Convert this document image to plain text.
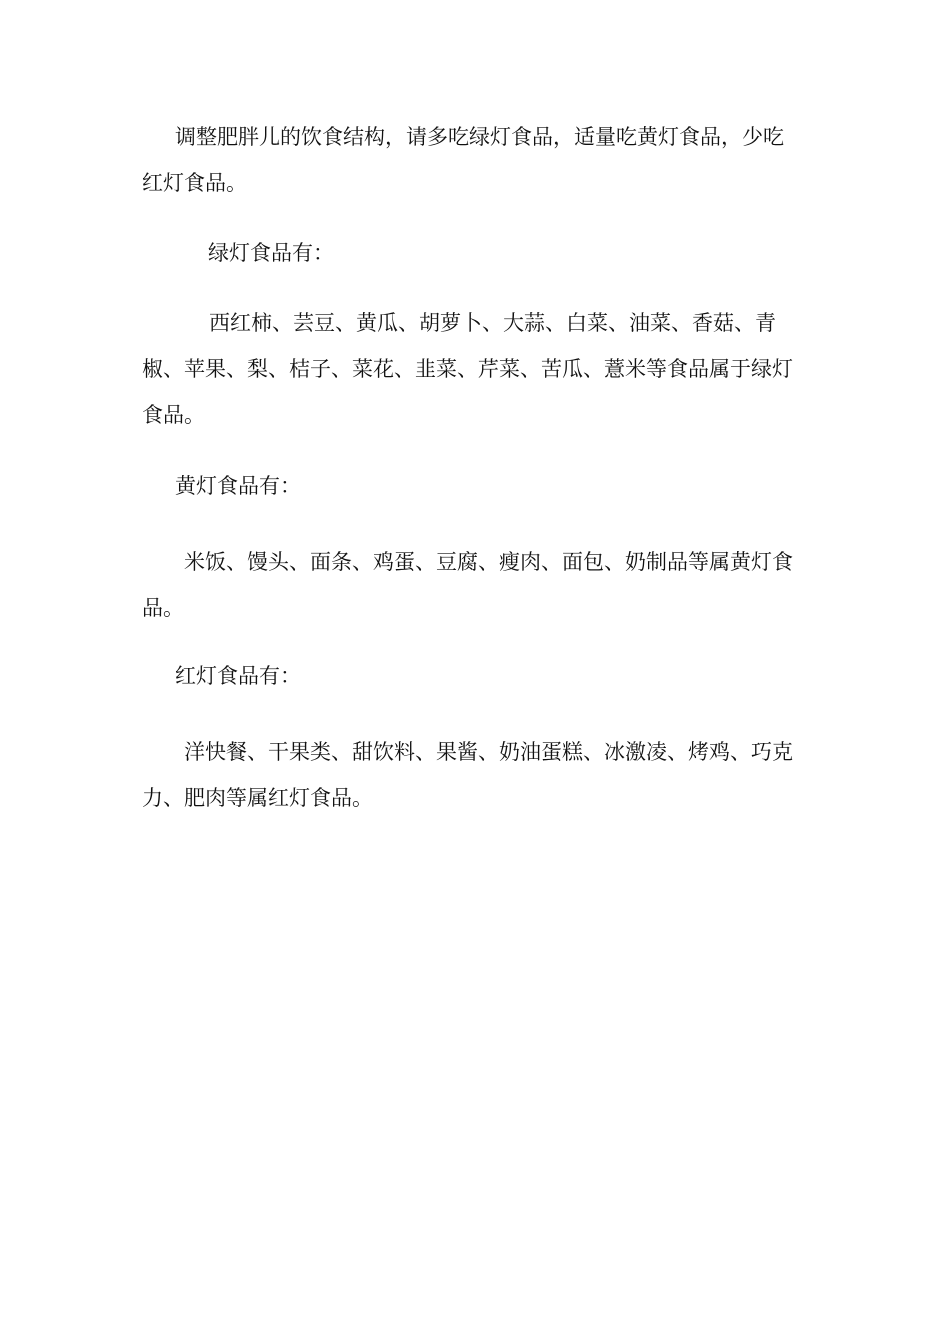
调整肥胖儿的饮食结构，请多吃绿灯食品，适量吃黄灯食品，少吃红灯食品。

绿灯食品有：

西红柿、芸豆、黄瓜、胡萝卜、大蒜、白菜、油菜、香菇、青椒、苹果、梨、桔子、菜花、韭菜、芹菜、苦瓜、薏米等食品属于绿灯食品。

黄灯食品有：

米饭、馒头、面条、鸡蛋、豆腐、瘦肉、面包、奶制品等属黄灯食品。

红灯食品有：

洋快餐、干果类、甜饮料、果酱、奶油蛋糕、冰激凌、烤鸡、巧克力、肥肉等属红灯食品。
